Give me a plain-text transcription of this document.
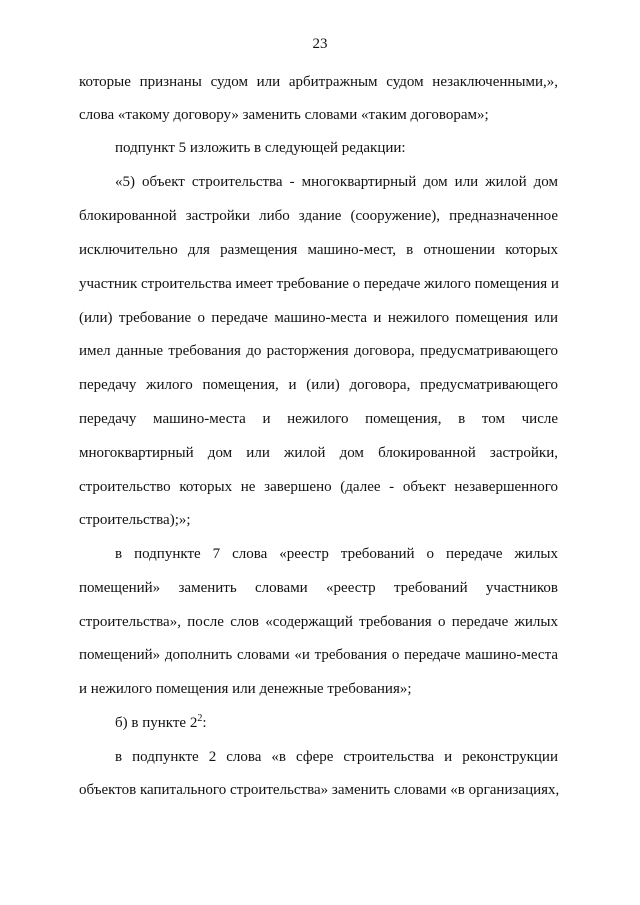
23
которые признаны судом или арбитражным судом незаключенными,»,
слова «такому договору» заменить словами «таким договорам»;
подпункт 5 изложить в следующей редакции:
«5) объект строительства - многоквартирный дом или жилой дом
блокированной застройки либо здание (сооружение), предназначенное
исключительно для размещения машино-мест, в отношении которых
участник строительства имеет требование о передаче жилого помещения и
(или) требование о передаче машино-места и нежилого помещения или
имел данные требования до расторжения договора, предусматривающего
передачу жилого помещения, и (или) договора, предусматривающего
передачу машино-места и нежилого помещения, в том числе
многоквартирный дом или жилой дом блокированной застройки,
строительство которых не завершено (далее - объект незавершенного
строительства);»;
в подпункте 7 слова «реестр требований о передаче жилых
помещений» заменить словами «реестр требований участников
строительства», после слов «содержащий требования о передаче жилых
помещений» дополнить словами «и требования о передаче машино-места
и нежилого помещения или денежные требования»;
б) в пункте $2^2$:
в подпункте 2 слова «в сфере строительства и реконструкции
объектов капитального строительства» заменить словами «в организациях,
